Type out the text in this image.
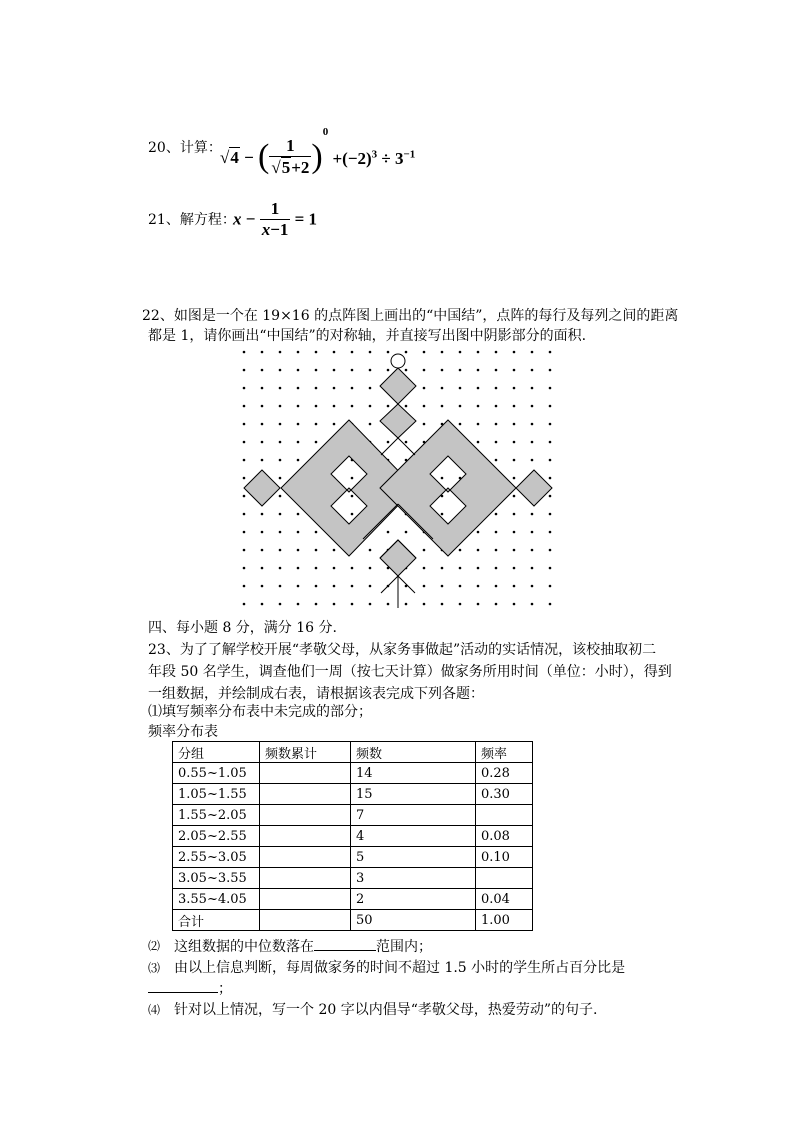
20、计算：
√4 − ( $\frac{1}{√5+2} )^0 +(-2)^3 \div 3^{-1}$
21、解方程：
$x - \frac{1}{x-1} = 1$
22、如图是一个在 19×16 的点阵图上画出的“中国结”，点阵的每行及每列之间的距离
都是 1，请你画出“中国结”的对称轴，并直接写出图中阴影部分的面积.
四、每小题 8 分，满分 16 分.
23、为了了解学校开展“孝敬父母，从家务事做起”活动的实话情况，该校抽取初二
年段 50 名学生，调查他们一周（按七天计算）做家务所用时间（单位：小时），得到
一组数据，并绘制成右表，请根据该表完成下列各题：
⑴填写频率分布表中未完成的部分；
频率分布表
分组	频数累计	频数	频率
0.55~1.05		14	0.28
1.05~1.55		15	0.30
1.55~2.05		7	
2.05~2.55		4	0.08
2.55~3.05		5	0.10
3.05~3.55		3	
3.55~4.05		2	0.04
合计		50	1.00
⑵ 这组数据的中位数落在	范围内；
⑶ 由以上信息判断，每周做家务的时间不超过 1.5 小时的学生所占百分比是
；
⑷ 针对以上情况，写一个 20 字以内倡导“孝敬父母，热爱劳动”的句子.
